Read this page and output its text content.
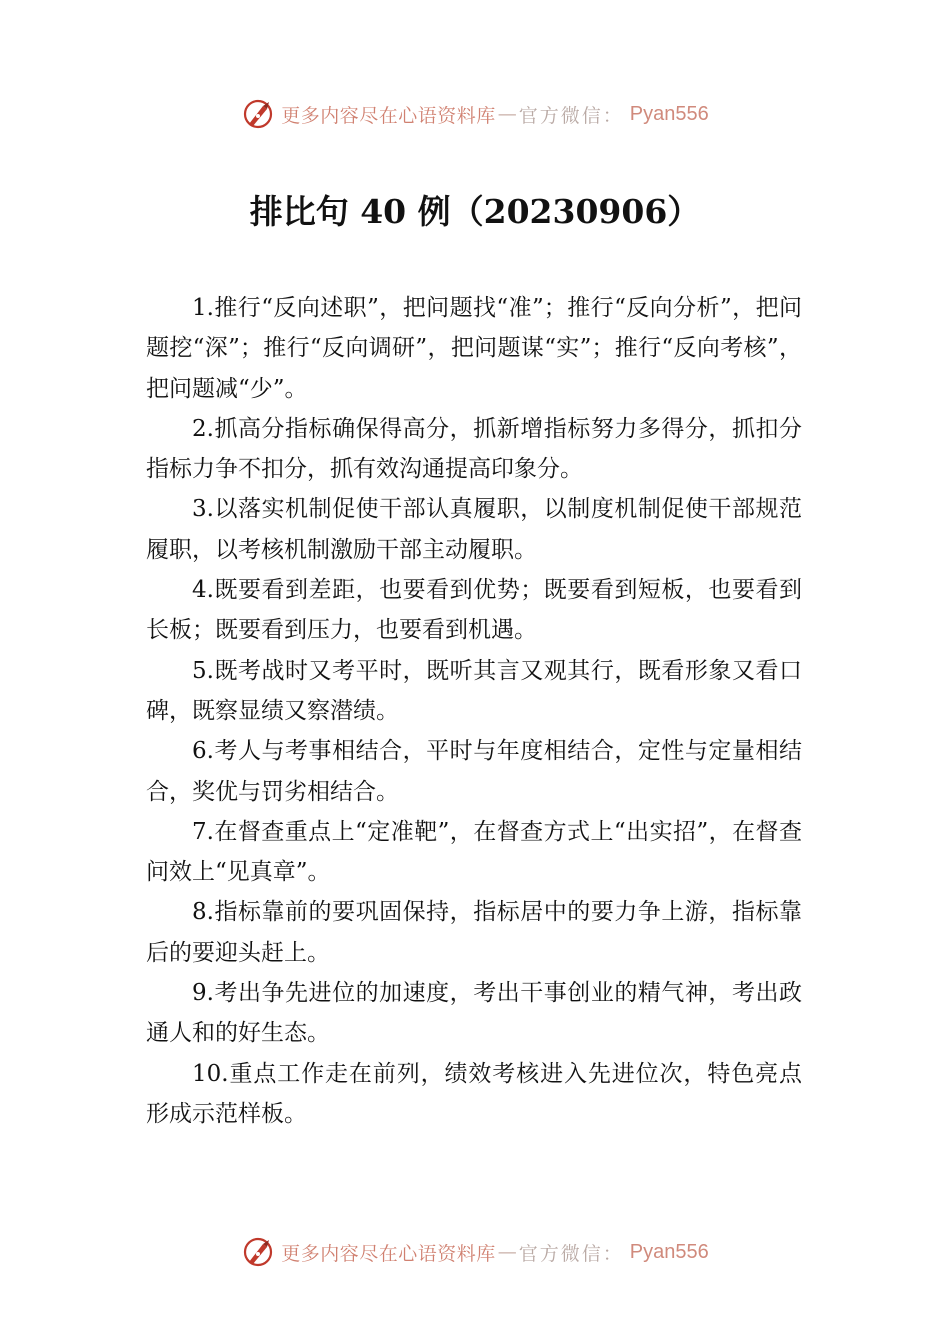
更多内容尽在心语资料库 — 官方微信： Pyan556
排比句 40 例（20230906）

1.推行“反向述职”，把问题找“准”；推行“反向分析”，把问题挖“深”；推行“反向调研”，把问题谋“实”；推行“反向考核”，把问题减“少”。

2.抓高分指标确保得高分，抓新增指标努力多得分，抓扣分指标力争不扣分，抓有效沟通提高印象分。

3.以落实机制促使干部认真履职，以制度机制促使干部规范履职，以考核机制激励干部主动履职。

4.既要看到差距，也要看到优势；既要看到短板，也要看到长板；既要看到压力，也要看到机遇。

5.既考战时又考平时，既听其言又观其行，既看形象又看口碑，既察显绩又察潜绩。

6.考人与考事相结合，平时与年度相结合，定性与定量相结合，奖优与罚劣相结合。

7.在督查重点上“定准靶”，在督查方式上“出实招”，在督查问效上“见真章”。

8.指标靠前的要巩固保持，指标居中的要力争上游，指标靠后的要迎头赶上。

9.考出争先进位的加速度，考出干事创业的精气神，考出政通人和的好生态。

10.重点工作走在前列，绩效考核进入先进位次，特色亮点形成示范样板。

更多内容尽在心语资料库 — 官方微信： Pyan556
